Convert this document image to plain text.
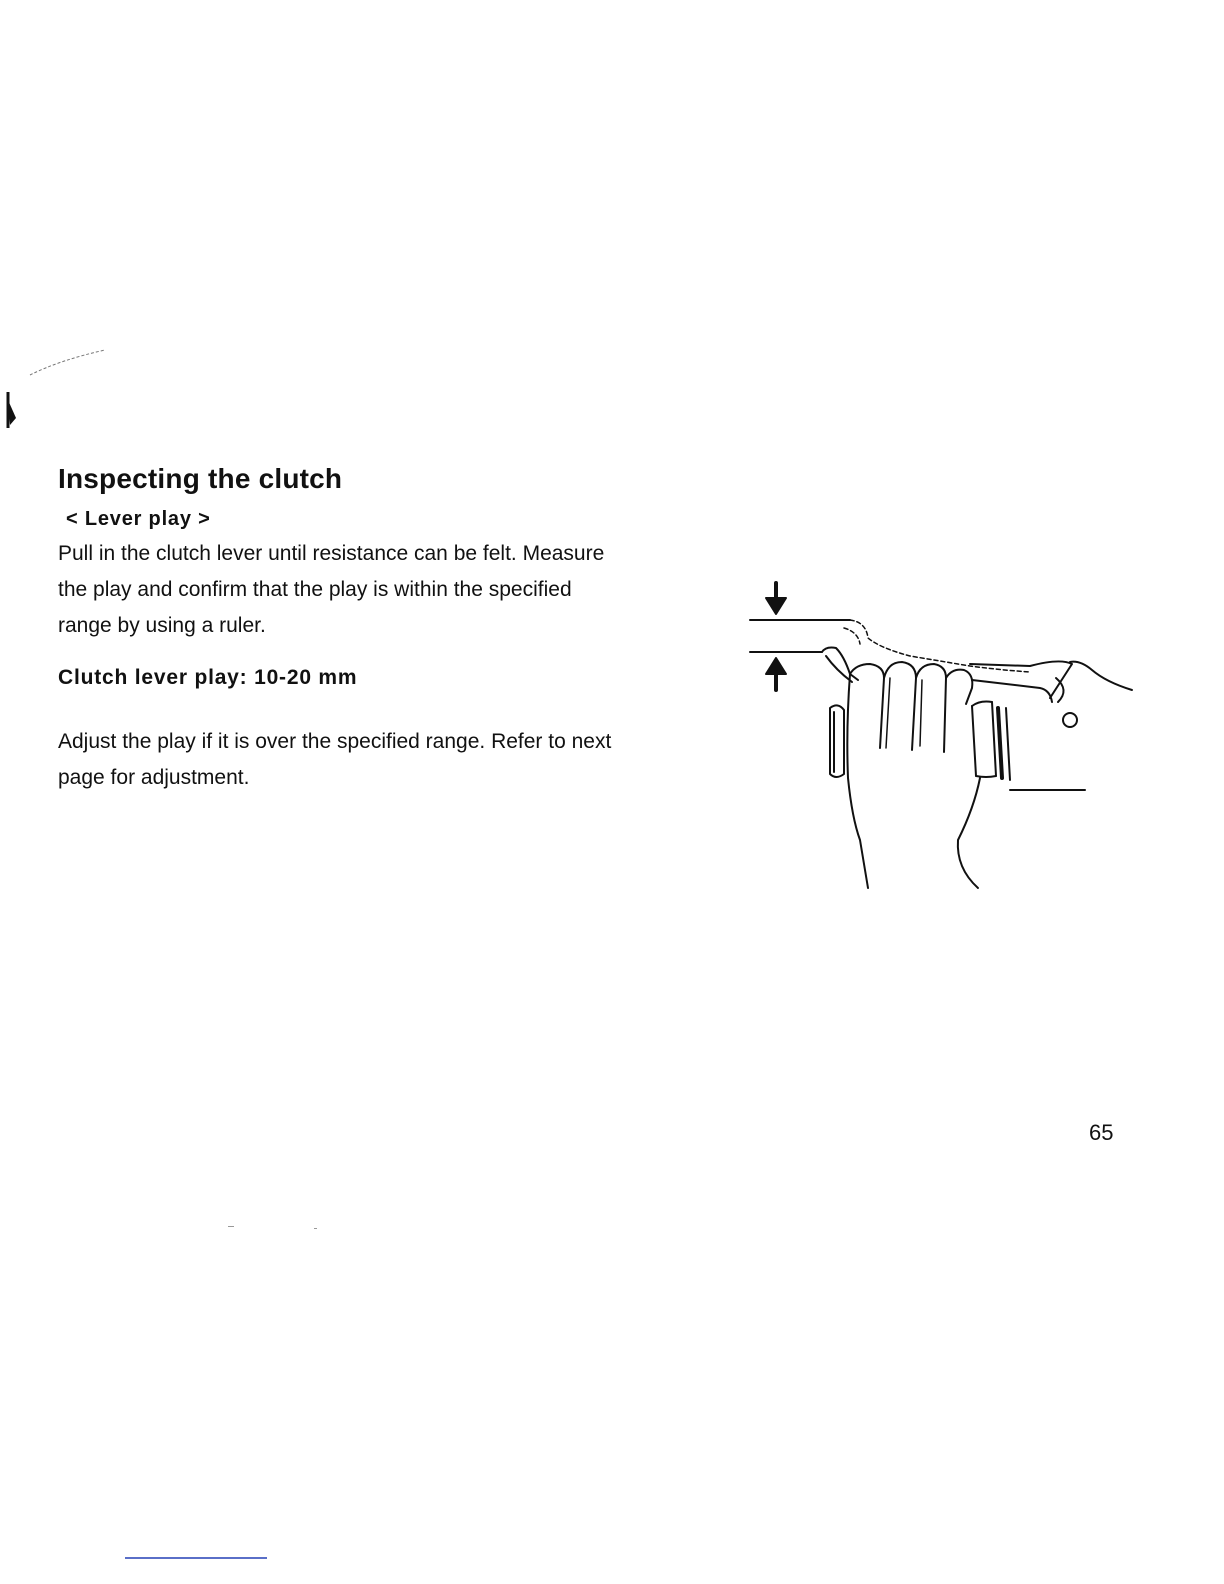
Inspecting the clutch
< Lever play >

Pull in the clutch lever until resistance can be felt. Measure the play and confirm that the play is within the specified range by using a ruler.

Clutch lever play: 10-20 mm

Adjust the play if it is over the specified range. Refer to next page for adjustment.

65
